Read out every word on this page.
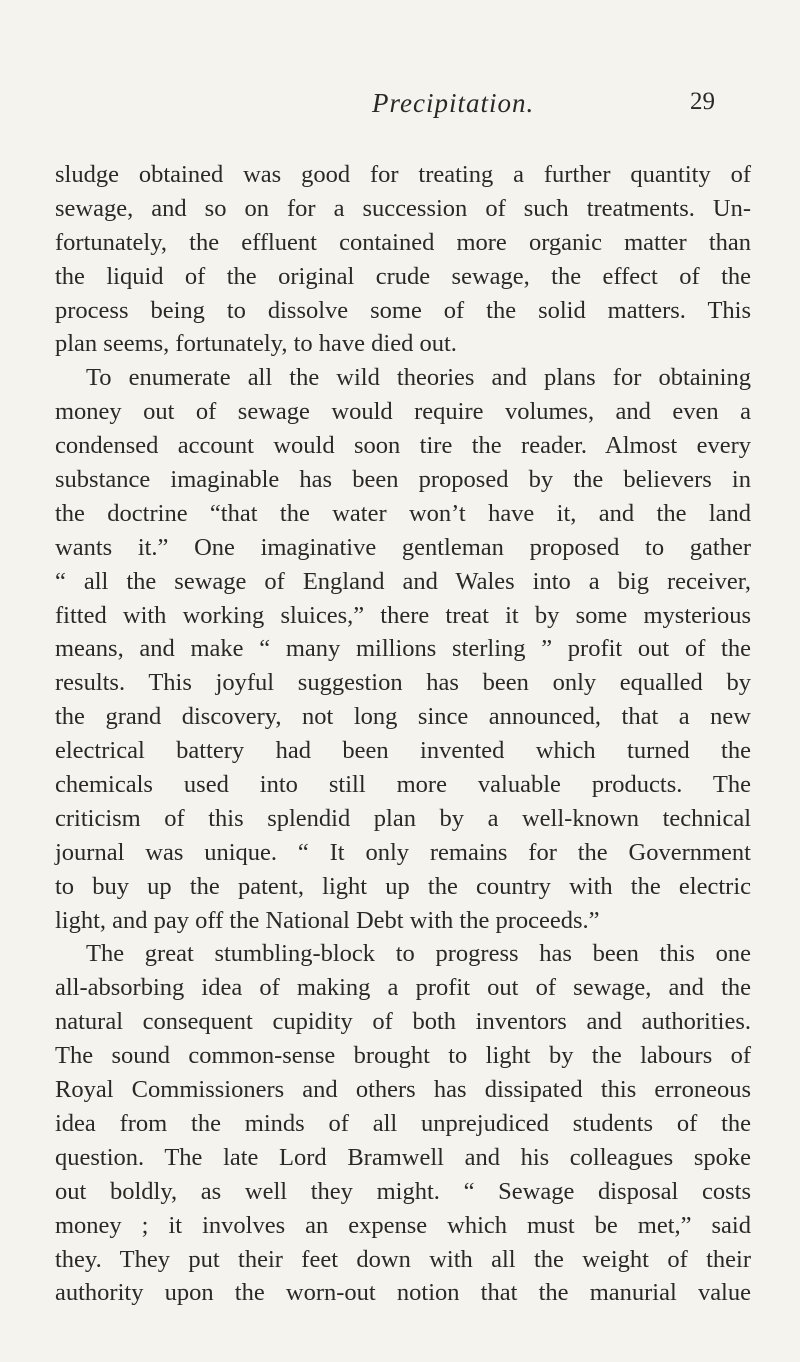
Precipitation.	29
sludge obtained was good for treating a further quantity of
sewage, and so on for a succession of such treatments. Un-
fortunately, the effluent contained more organic matter than
the liquid of the original crude sewage, the effect of the
process being to dissolve some of the solid matters. This
plan seems, fortunately, to have died out.
To enumerate all the wild theories and plans for obtaining
money out of sewage would require volumes, and even a
condensed account would soon tire the reader. Almost every
substance imaginable has been proposed by the believers in
the doctrine “that the water won’t have it, and the land
wants it.” One imaginative gentleman proposed to gather
“ all the sewage of England and Wales into a big receiver,
fitted with working sluices,” there treat it by some mysterious
means, and make “ many millions sterling ” profit out of the
results. This joyful suggestion has been only equalled by
the grand discovery, not long since announced, that a new
electrical battery had been invented which turned the
chemicals used into still more valuable products. The
criticism of this splendid plan by a well-known technical
journal was unique. “ It only remains for the Government
to buy up the patent, light up the country with the electric
light, and pay off the National Debt with the proceeds.”
The great stumbling-block to progress has been this one
all-absorbing idea of making a profit out of sewage, and the
natural consequent cupidity of both inventors and authorities.
The sound common-sense brought to light by the labours of
Royal Commissioners and others has dissipated this erroneous
idea from the minds of all unprejudiced students of the
question. The late Lord Bramwell and his colleagues spoke
out boldly, as well they might. “ Sewage disposal costs
money ; it involves an expense which must be met,” said
they. They put their feet down with all the weight of their
authority upon the worn-out notion that the manurial value
